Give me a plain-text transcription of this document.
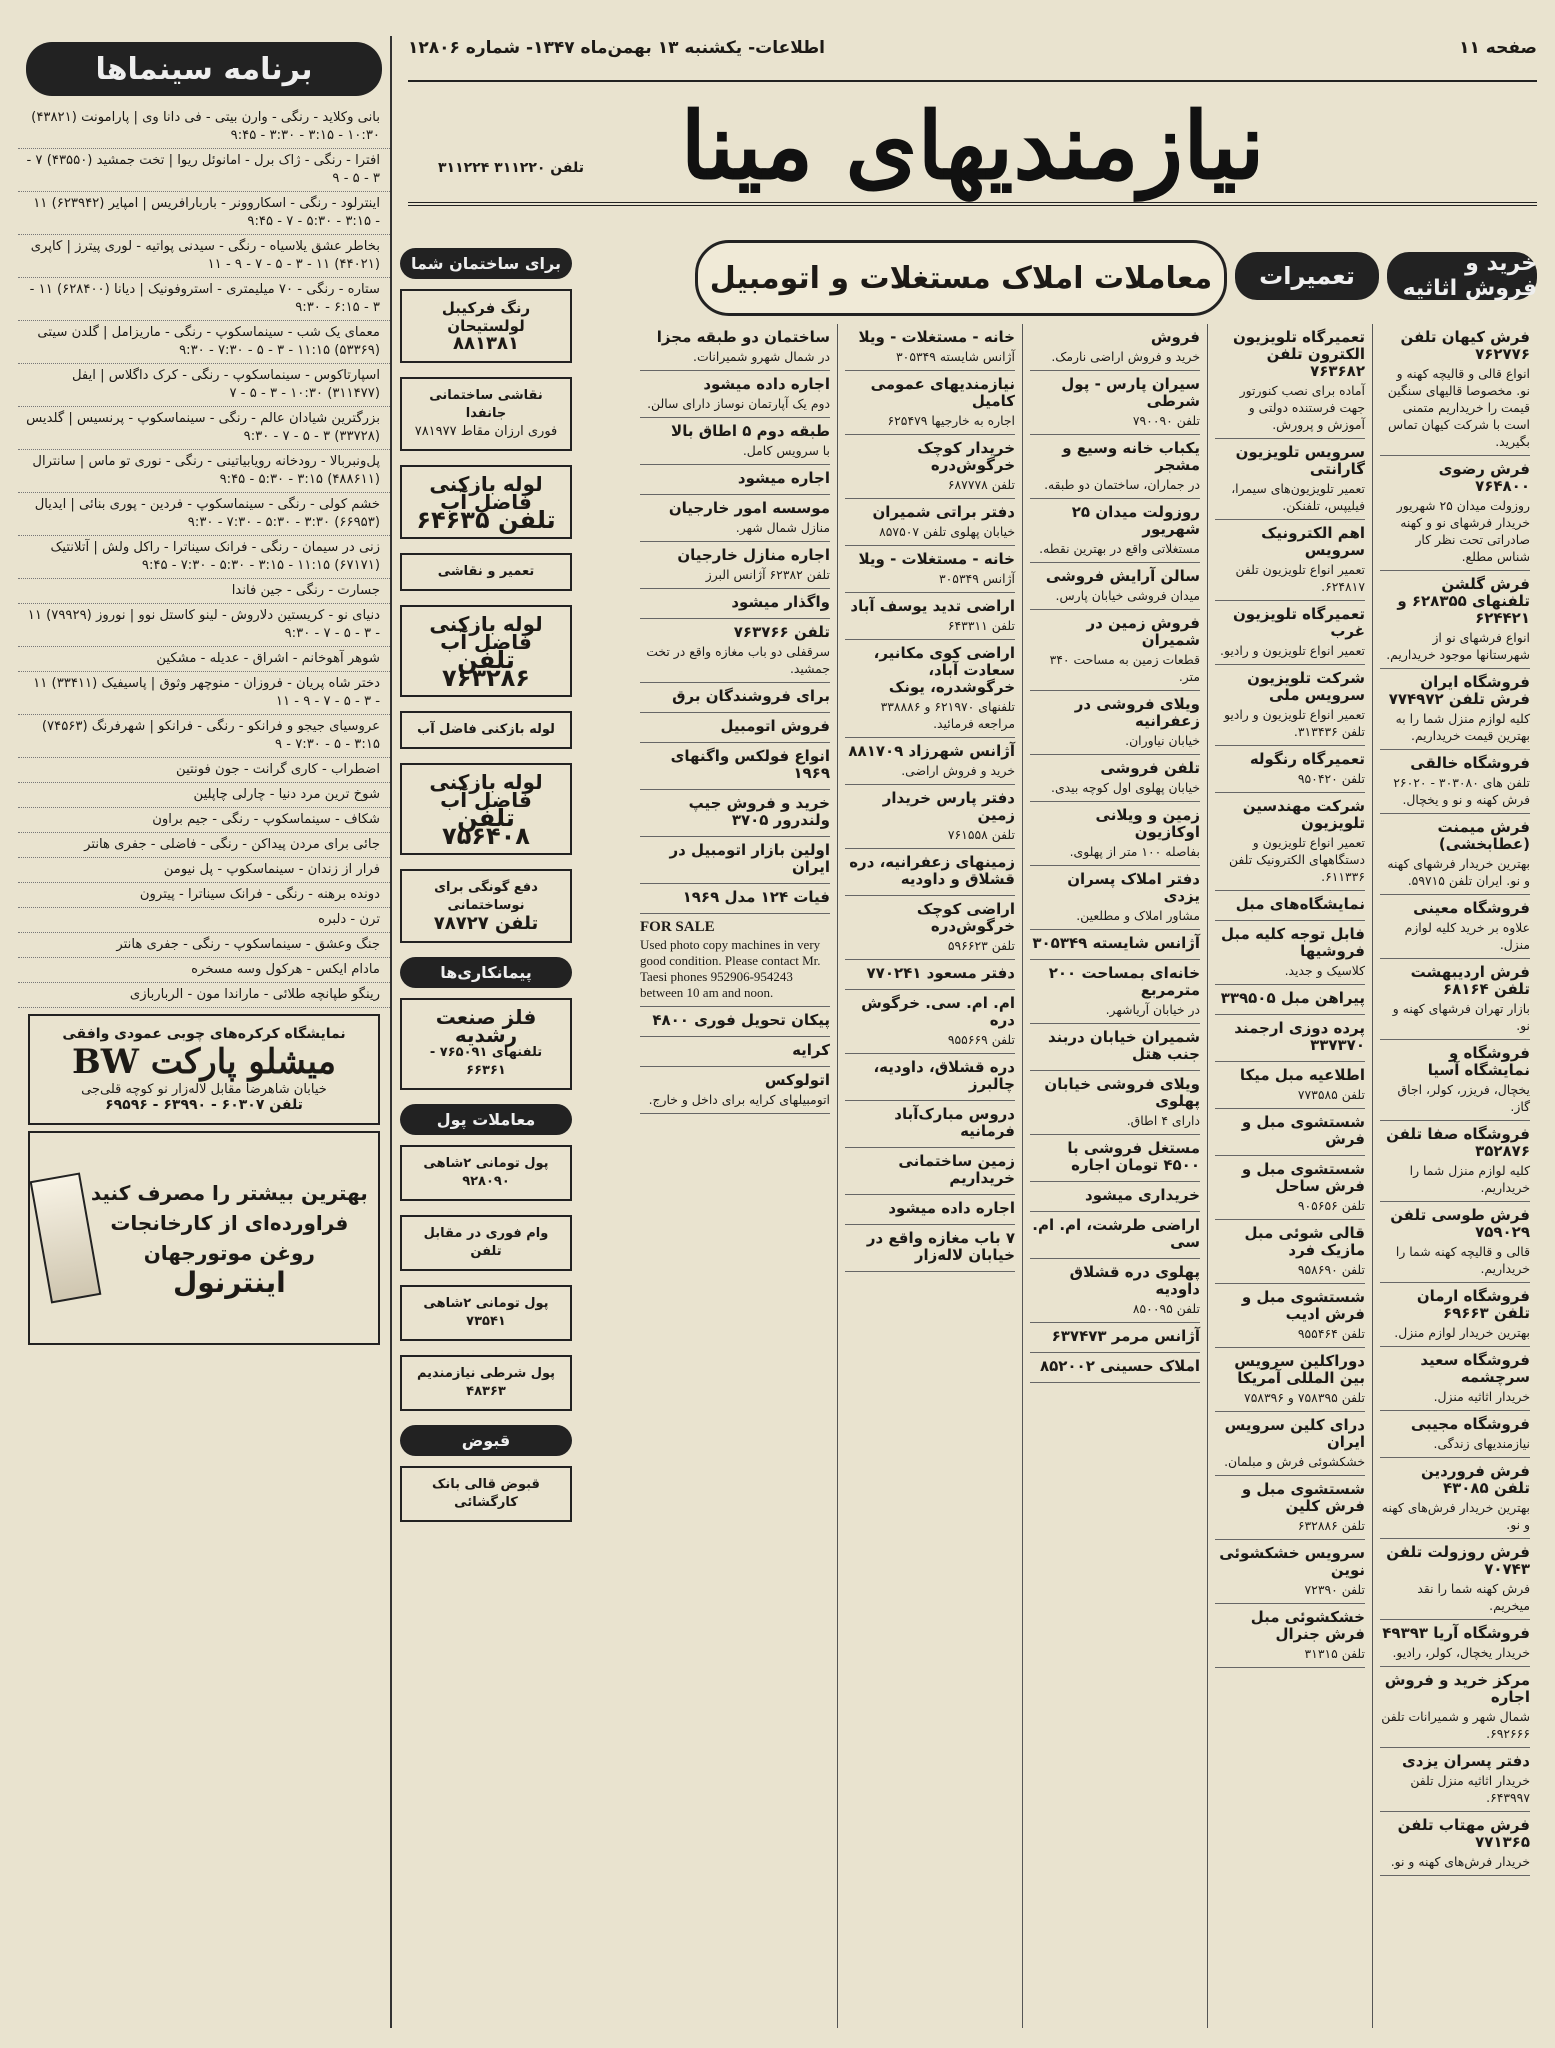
صفحه ۱۱
اطلاعات- یکشنبه ۱۳ بهمن‌ماه ۱۳۴۷- شماره ۱۲۸۰۶
نیازمندیهای مینا
تلفن ۳۱۱۲۲۰ ۳۱۱۲۲۴
برنامه سینماها
بانی وکلاید - رنگی - وارن بیتی - فی دانا وی | پارامونت (۴۳۸۲۱) ۱۰:۳۰ - ۳:۱۵ - ۳:۳۰ - ۹:۴۵
افترا - رنگی - ژاک برل - امانوئل ریوا | تخت جمشید (۴۳۵۵۰) ۷ - ۳ - ۵ - ۹
اینترلود - رنگی - اسکاروونر - باربارافریس | امپایر (۶۲۳۹۴۲) ۱۱ - ۳:۱۵ - ۵:۳۰ - ۷ - ۹:۴۵
بخاطر عشق یلاسیاه - رنگی - سیدنی پواتیه - لوری پیترز | کاپری (۴۴۰۲۱) ۱۱ - ۳ - ۵ - ۷ - ۹ - ۱۱
ستاره - رنگی - ۷۰ میلیمتری - استروفونیک | دیانا (۶۲۸۴۰۰) ۱۱ - ۳ - ۶:۱۵ - ۹:۳۰
معمای یک شب - سینماسکوپ - رنگی - ماریزامل | گلدن سیتی (۵۳۳۶۹) ۱۱:۱۵ - ۳ - ۵ - ۷:۳۰ - ۹:۳۰
اسپارتاکوس - سینماسکوپ - رنگی - کرک داگلاس | ایفل (۳۱۱۴۷۷) ۱۰:۳۰ - ۳ - ۵ - ۷
بزرگترین شیادان عالم - رنگی - سینماسکوپ - پرنسیس | گلدیس (۳۳۷۲۸) ۳ - ۵ - ۷ - ۹:۳۰
پل‌ونبربالا - رودخانه رویابیاتینی - رنگی - نوری تو ماس | سانترال (۴۸۸۶۱۱) ۳:۱۵ - ۵:۳۰ - ۹:۴۵
خشم کولی - رنگی - سینماسکوپ - فردین - پوری بنائی | ایدیال (۶۶۹۵۳) ۳:۳۰ - ۵:۳۰ - ۷:۳۰ - ۹:۳۰
زنی در سیمان - رنگی - فرانک سیناترا - راکل ولش | آتلانتیک (۶۷۱۷۱) ۱۱:۱۵ - ۳:۱۵ - ۵:۳۰ - ۷:۳۰ - ۹:۴۵
جسارت - رنگی - جین فاندا
دنیای نو - کریستین دلاروش - لینو کاستل نوو | نوروز (۷۹۹۲۹) ۱۱ - ۳ - ۵ - ۷ - ۹:۳۰
شوهر آهوخانم - اشراق - عدیله - مشکین
دختر شاه پریان - فروزان - منوچهر وثوق | پاسیفیک (۳۳۴۱۱) ۱۱ - ۳ - ۵ - ۷ - ۹ - ۱۱
عروسیای جیجو و فرانکو - رنگی - فرانکو | شهرفرنگ (۷۴۵۶۳) ۳:۱۵ - ۵ - ۷:۳۰ - ۹
اضطراب - کاری گرانت - جون فونتین
شوخ ترین مرد دنیا - چارلی چاپلین
شکاف - سینماسکوپ - رنگی - جیم براون
جائی برای مردن پیداکن - رنگی - فاضلی - جفری هانتر
فرار از زندان - سینماسکوپ - پل نیومن
دونده برهنه - رنگی - فرانک سیناترا - پیترون
ترن - دلبره
جنگ وعشق - سینماسکوپ - رنگی - جفری هانتر
مادام ایکس - هرکول وسه مسخره
رینگو طپانچه طلائی - ماراندا مون - الرباربازی
نمایشگاه کرکره‌های چوبی عمودی وافقی
میشلو پارکت BW
خیابان شاهرضا مقابل لاله‌زار نو کوچه قلی‌جی
تلفن ۶۰۳۰۷ - ۶۳۹۹۰ - ۶۹۵۹۶
بهترین بیشتر را مصرف کنید
فراورده‌ای از کارخانجات روغن موتورجهان
اینترنول
برای ساختمان شما
رنگ فرکیبل لولستیحان
۸۸۱۳۸۱
نقاشی ساختمانی جانفدا
فوری ارزان مقاط ۷۸۱۹۷۷
لوله بازکنی فاضل آب
تلفن ۶۴۶۳۵
تعمیر و نقاشی
لوله بازکنی فاضل آب
تلفن ۷۶۳۲۸۶
لوله بازکنی فاضل آب
لوله بازکنی فاضل آب
تلفن ۷۵۶۴۰۸
دفع گونگی برای نوساختمانی
تلفن ۷۸۷۲۷
پیمانکاری‌ها
فلز صنعت رشدیه
تلفنهای ۷۶۵۰۹۱ - ۶۶۳۶۱
معاملات پول
پول تومانی ۲شاهی ۹۲۸۰۹۰
وام فوری در مقابل تلفن
پول تومانی ۲شاهی ۷۳۵۴۱
پول شرطی نیازمندیم ۴۸۳۶۳
قبوض
قبوض قالی بانک کارگشائی
معاملات املاک مستغلات و اتومبیل	تعمیرات	خرید و فروش اثاثیه
فرش کیهان تلفن ۷۶۲۷۷۶
انواع قالی و قالیچه کهنه و نو. مخصوصا قالیهای سنگین قیمت را خریداریم متمنی است با شرکت کیهان تماس بگیرید.
فرش رضوی ۷۶۴۸۰۰
روزولت میدان ۲۵ شهریور خریدار فرشهای نو و کهنه صادراتی تحت نظر کار شناس مطلع.
فرش گلشن تلفنهای ۶۲۸۳۵۵ و ۶۲۴۴۲۱
انواع فرشهای نو از شهرستانها موجود خریداریم.
فروشگاه ایران فرش تلفن ۷۷۴۹۷۲
کلیه لوازم منزل شما را به بهترین قیمت خریداریم.
فروشگاه خالقی
تلفن های ۳۰۳۰۸۰ - ۲۶۰۲۰ فرش کهنه و نو و یخچال.
فرش میمنت (عطابخشی)
بهترین خریدار فرشهای کهنه و نو. ایران تلفن ۵۹۷۱۵.
فروشگاه معینی
علاوه بر خرید کلیه لوازم منزل.
فرش اردیبهشت تلفن ۶۸۱۶۴
بازار تهران فرشهای کهنه و نو.
فروشگاه و نمایشگاه آسیا
یخچال، فریزر، کولر، اجاق گاز.
فروشگاه صفا تلفن ۳۵۲۸۷۶
کلیه لوازم منزل شما را خریداریم.
فرش طوسی تلفن ۷۵۹۰۲۹
قالی و قالیچه کهنه شما را خریداریم.
فروشگاه ارمان تلفن ۶۹۶۶۳
بهترین خریدار لوازم منزل.
فروشگاه سعید سرچشمه
خریدار اثاثیه منزل.
فروشگاه مجیبی
نیازمندیهای زندگی.
فرش فروردین تلفن ۴۳۰۸۵
بهترین خریدار فرش‌های کهنه و نو.
فرش روزولت تلفن ۷۰۷۴۳
فرش کهنه شما را نقد میخریم.
فروشگاه آریا ۴۹۳۹۳
خریدار یخچال، کولر، رادیو.
مرکز خرید و فروش اجاره
شمال شهر و شمیرانات تلفن ۶۹۲۶۶۶.
دفتر پسران یزدی
خریدار اثاثیه منزل تلفن ۶۴۳۹۹۷.
فرش مهتاب تلفن ۷۷۱۳۶۵
خریدار فرش‌های کهنه و نو.
تعمیرگاه تلویزیون الکترون تلفن ۷۶۳۶۸۲
آماده برای نصب کنورتور جهت فرستنده دولتی و آموزش و پرورش.
سرویس تلویزیون گارانتی
تعمیر تلویزیون‌های سیمرا، فیلیپس، تلفنکن.
اهم الکترونیک سرویس
تعمیر انواع تلویزیون تلفن ۶۲۴۸۱۷.
تعمیرگاه تلویزیون غرب
تعمیر انواع تلویزیون و رادیو.
شرکت تلویزیون سرویس ملی
تعمیر انواع تلویزیون و رادیو تلفن ۳۱۳۴۳۶.
تعمیرگاه رنگوله
تلفن ۹۵۰۴۲۰
شرکت مهندسین تلویزیون
تعمیر انواع تلویزیون و دستگاههای الکترونیک تلفن ۶۱۱۳۳۶.
نمایشگاه‌های مبل
فابل توجه کلیه مبل فروشیها
کلاسیک و جدید.
پیراهن مبل ۳۳۹۵۰۵
پرده دوزی ارجمند ۳۳۷۳۷۰
اطلاعیه مبل میکا
تلفن ۷۷۳۵۸۵
شستشوی مبل و فرش
شستشوی مبل و فرش ساحل
تلفن ۹۰۵۶۵۶
قالی شوئی مبل مازیک فرد
تلفن ۹۵۸۶۹۰
شستشوی مبل و فرش ادیب
تلفن ۹۵۵۴۶۴
دوراکلین سرویس بین المللی آمریکا
تلفن ۷۵۸۳۹۵ و ۷۵۸۳۹۶
درای کلین سرویس ایران
خشکشوئی فرش و مبلمان.
شستشوی مبل و فرش کلین
تلفن ۶۳۲۸۸۶
سرویس خشکشوئی نوین
تلفن ۷۲۳۹۰
خشکشوئی مبل فرش جنرال
تلفن ۳۱۳۱۵
فروش
خرید و فروش اراضی نارمک.
سیران پارس - پول شرطی
تلفن ۷۹۰۰۹۰
یکباب خانه وسیع و مشجر
در جماران، ساختمان دو طبقه.
روزولت میدان ۲۵ شهریور
مستغلاتی واقع در بهترین نقطه.
سالن آرایش فروشی
میدان فروشی خیابان پارس.
فروش زمین در شمیران
قطعات زمین به مساحت ۳۴۰ متر.
ویلای فروشی در زعفرانیه
خیابان نیاوران.
تلفن فروشی
خیابان پهلوی اول کوچه بیدی.
زمین و ویلانی اوکازیون
بفاصله ۱۰۰ متر از پهلوی.
دفتر املاک پسران یزدی
مشاور املاک و مطلعین.
آژانس شایسته ۳۰۵۳۴۹
خانه‌ای بمساحت ۲۰۰ مترمربع
در خیابان آریاشهر.
شمیران خیابان دربند جنب هتل
ویلای فروشی خیابان پهلوی
دارای ۴ اطاق.
مستغل فروشی با ۴۵۰۰ تومان اجاره
خریداری میشود
اراضی طرشت، ام. ام. سی
پهلوی دره قشلاق داودیه
تلفن ۸۵۰۰۹۵
آژانس مرمر ۶۳۷۴۷۳
املاک حسینی ۸۵۲۰۰۲
خانه - مستغلات - ویلا
آژانس شایسته ۳۰۵۳۴۹
نیازمندیهای عمومی کامیل
اجاره به خارجیها ۶۲۵۴۷۹
خریدار کوچک خرگوش‌دره
تلفن ۶۸۷۷۷۸
دفتر براتی شمیران
خیابان پهلوی تلفن ۸۵۷۵۰۷
خانه - مستغلات - ویلا
آژانس ۳۰۵۳۴۹
اراضی تدید یوسف آباد
تلفن ۶۴۳۳۱۱
اراضی کوی مکانیر، سعادت آباد، خرگوشدره، یونک
تلفنهای ۶۲۱۹۷۰ و ۳۳۸۸۸۶ مراجعه فرمائید.
آژانس شهرزاد ۸۸۱۷۰۹
خرید و فروش اراضی.
دفتر پارس خریدار زمین
تلفن ۷۶۱۵۵۸
زمینهای زعفرانیه، دره قشلاق و داودیه
اراضی کوچک خرگوش‌دره
تلفن ۵۹۶۶۲۳
دفتر مسعود ۷۷۰۲۴۱
ام. ام. سی. خرگوش دره
تلفن ۹۵۵۶۶۹
دره قشلاق، داودیه، چالبرز
دروس مبارک‌آباد فرمانیه
زمین ساختمانی خریداریم
اجاره داده میشود
۷ باب مغازه واقع در خیابان لاله‌زار
ساختمان دو طبقه مجزا
در شمال شهرو شمیرانات.
اجاره داده میشود
دوم یک آپارتمان نوساز دارای سالن.
طبقه دوم ۵ اطاق بالا
با سرویس کامل.
اجاره میشود
موسسه امور خارجیان
منازل شمال شهر.
اجاره منازل خارجیان
تلفن ۶۲۳۸۲ آژانس البرز
واگذار میشود
تلفن ۷۶۳۷۶۶
سرقفلی دو باب مغازه واقع در تخت جمشید.
برای فروشندگان برق
فروش اتومبیل
انواع فولکس واگنهای ۱۹۶۹
خرید و فروش جیپ ولندرور ۳۷۰۵
اولین بازار اتومبیل در ایران
فیات ۱۲۴ مدل ۱۹۶۹
FOR SALE
Used photo copy machines in very good condition. Please contact Mr. Taesi phones 952906-954243 between 10 am and noon.
پیکان تحویل فوری ۴۸۰۰
کرایه
اتولوکس
اتومبیلهای کرایه برای داخل و خارج.
